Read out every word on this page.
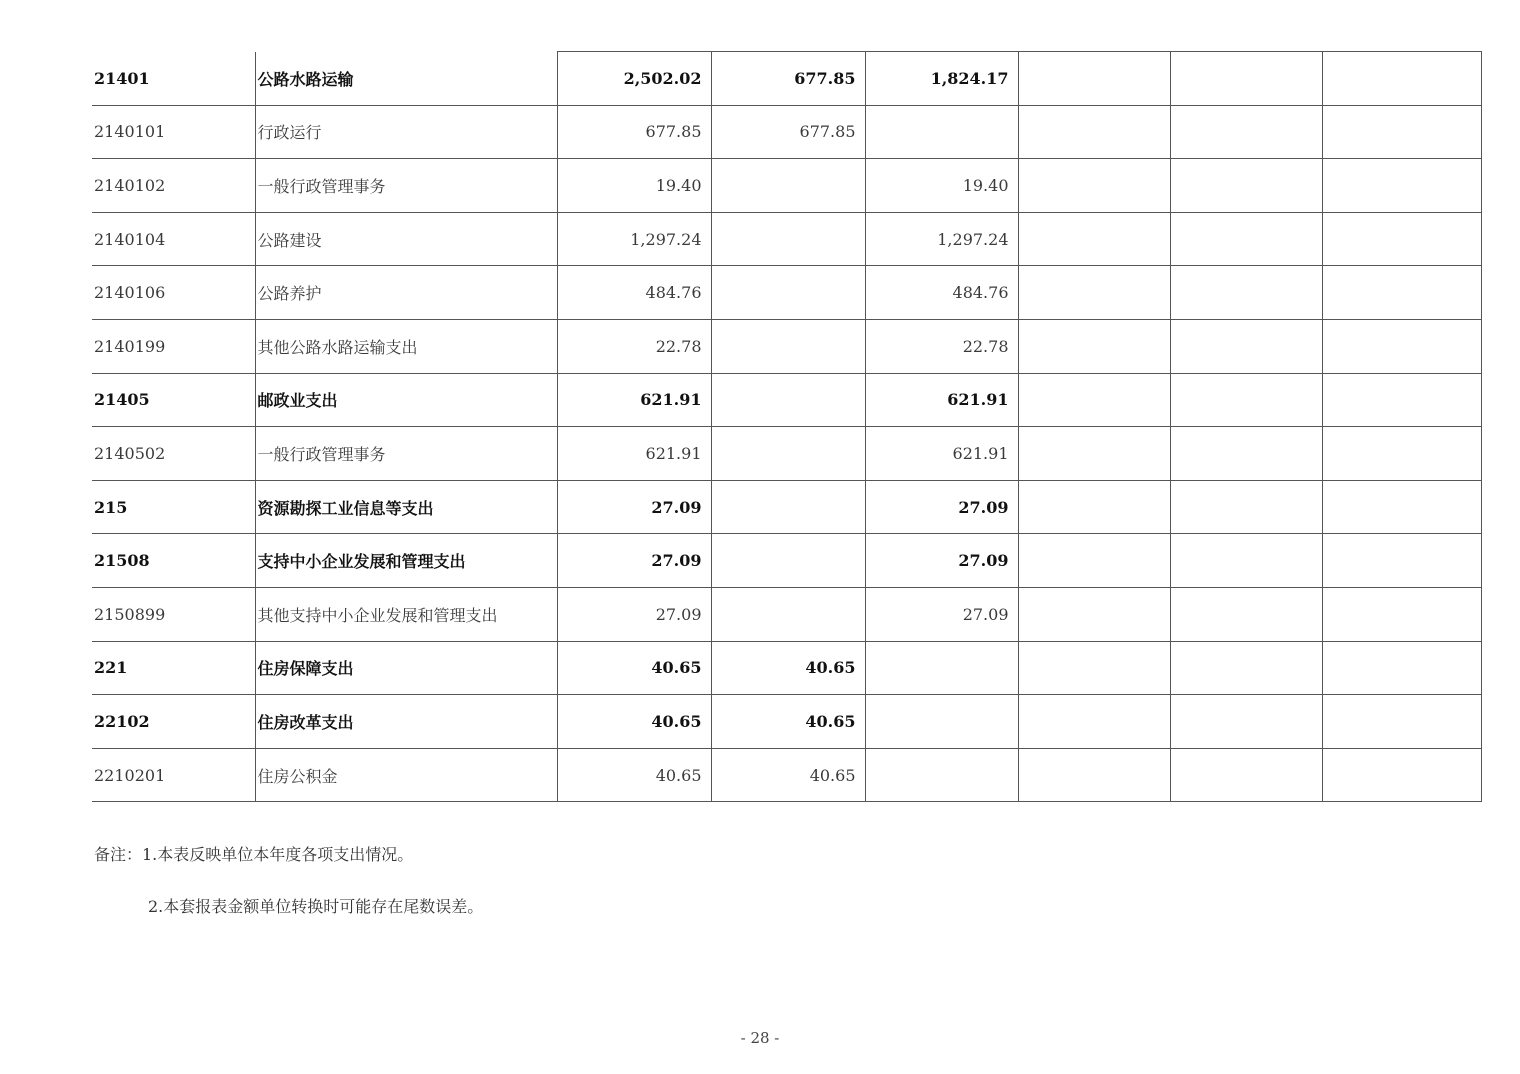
21401	公路水路运输	2,502.02	677.85	1,824.17			
2140101	行政运行	677.85	677.85				
2140102	一般行政管理事务	19.40		19.40			
2140104	公路建设	1,297.24		1,297.24			
2140106	公路养护	484.76		484.76			
2140199	其他公路水路运输支出	22.78		22.78			
21405	邮政业支出	621.91		621.91			
2140502	一般行政管理事务	621.91		621.91			
215	资源勘探工业信息等支出	27.09		27.09			
21508	支持中小企业发展和管理支出	27.09		27.09			
2150899	其他支持中小企业发展和管理支出	27.09		27.09			
221	住房保障支出	40.65	40.65				
22102	住房改革支出	40.65	40.65				
2210201	住房公积金	40.65	40.65				
备注：1.本表反映单位本年度各项支出情况。
2.本套报表金额单位转换时可能存在尾数误差。
- 28 -
